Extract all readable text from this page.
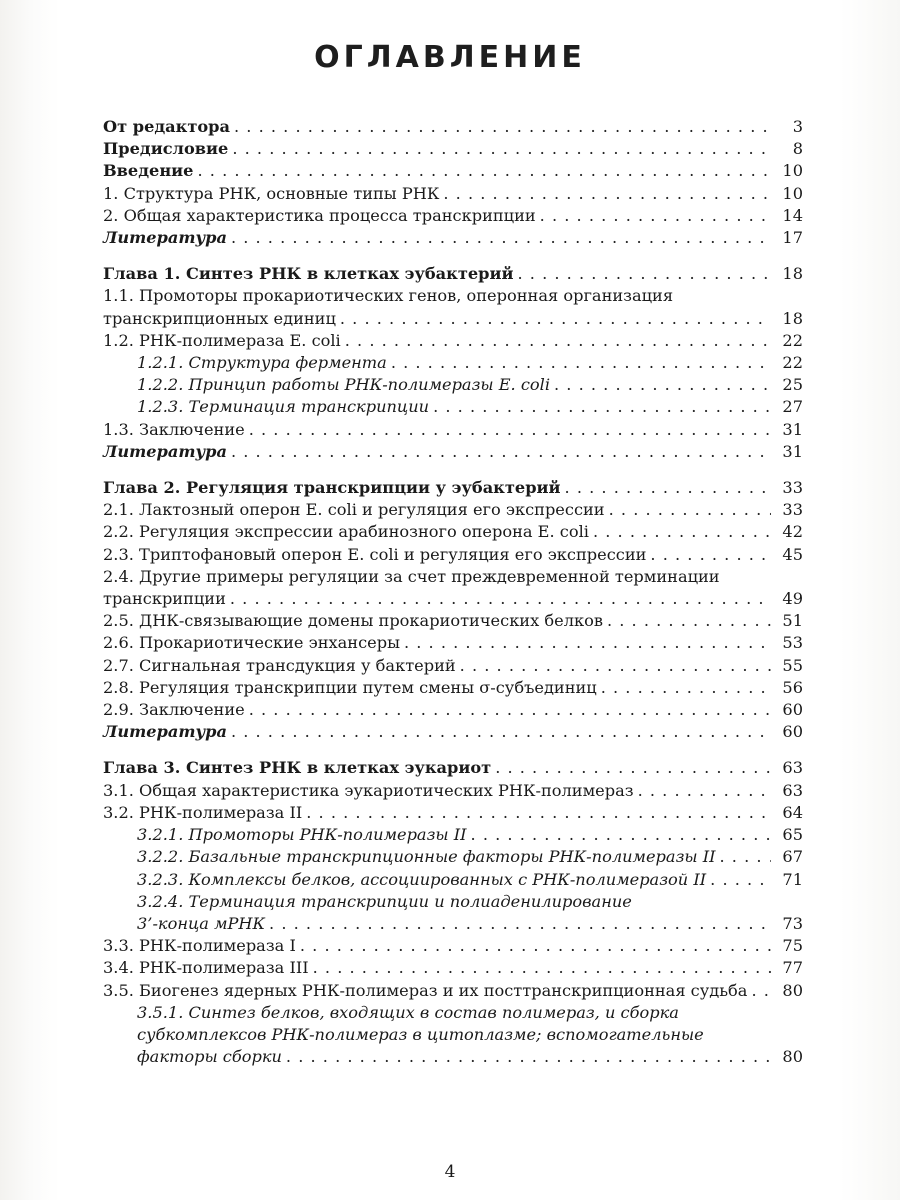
ОГЛАВЛЕНИЕ
От редактора . . .	3
Предисловие . . .	8
Введение . . .	10
1. Структура РНК, основные типы РНК . . .	10
2. Общая характеристика процесса транскрипции . . .	14
Литература . . .	17
Глава 1. Синтез РНК в клетках эубактерий . . .	18
1.1. Промоторы прокариотических генов, оперонная организация
транскрипционных единиц . . .	18
1.2. РНК-полимераза E. coli . . .	22
1.2.1. Структура фермента . . .	22
1.2.2. Принцип работы РНК-полимеразы E. coli . . .	25
1.2.3. Терминация транскрипции . . .	27
1.3. Заключение . . .	31
Литература . . .	31
Глава 2. Регуляция транскрипции у эубактерий . . .	33
2.1. Лактозный оперон E. coli и регуляция его экспрессии . . .	33
2.2. Регуляция экспрессии арабинозного оперона E. coli . . .	42
2.3. Триптофановый оперон E. coli и регуляция его экспрессии . . .	45
2.4. Другие примеры регуляции за счет преждевременной терминации
транскрипции . . .	49
2.5. ДНК-связывающие домены прокариотических белков . . .	51
2.6. Прокариотические энхансеры . . .	53
2.7. Сигнальная трансдукция у бактерий . . .	55
2.8. Регуляция транскрипции путем смены σ-субъединиц . . .	56
2.9. Заключение . . .	60
Литература . . .	60
Глава 3. Синтез РНК в клетках эукариот . . .	63
3.1. Общая характеристика эукариотических РНК-полимераз . . .	63
3.2. РНК-полимераза II . . .	64
3.2.1. Промоторы РНК-полимеразы II . . .	65
3.2.2. Базальные транскрипционные факторы РНК-полимеразы II . . .	67
3.2.3. Комплексы белков, ассоциированных с РНК-полимеразой II . . .	71
3.2.4. Терминация транскрипции и полиаденилирование
3’-конца мРНК . . .	73
3.3. РНК-полимераза I . . .	75
3.4. РНК-полимераза III . . .	77
3.5. Биогенез ядерных РНК-полимераз и их посттранскрипционная судьба . . .	80
3.5.1. Синтез белков, входящих в состав полимераз, и сборка
субкомплексов РНК-полимераз в цитоплазме; вспомогательные
факторы сборки . . .	80
4
